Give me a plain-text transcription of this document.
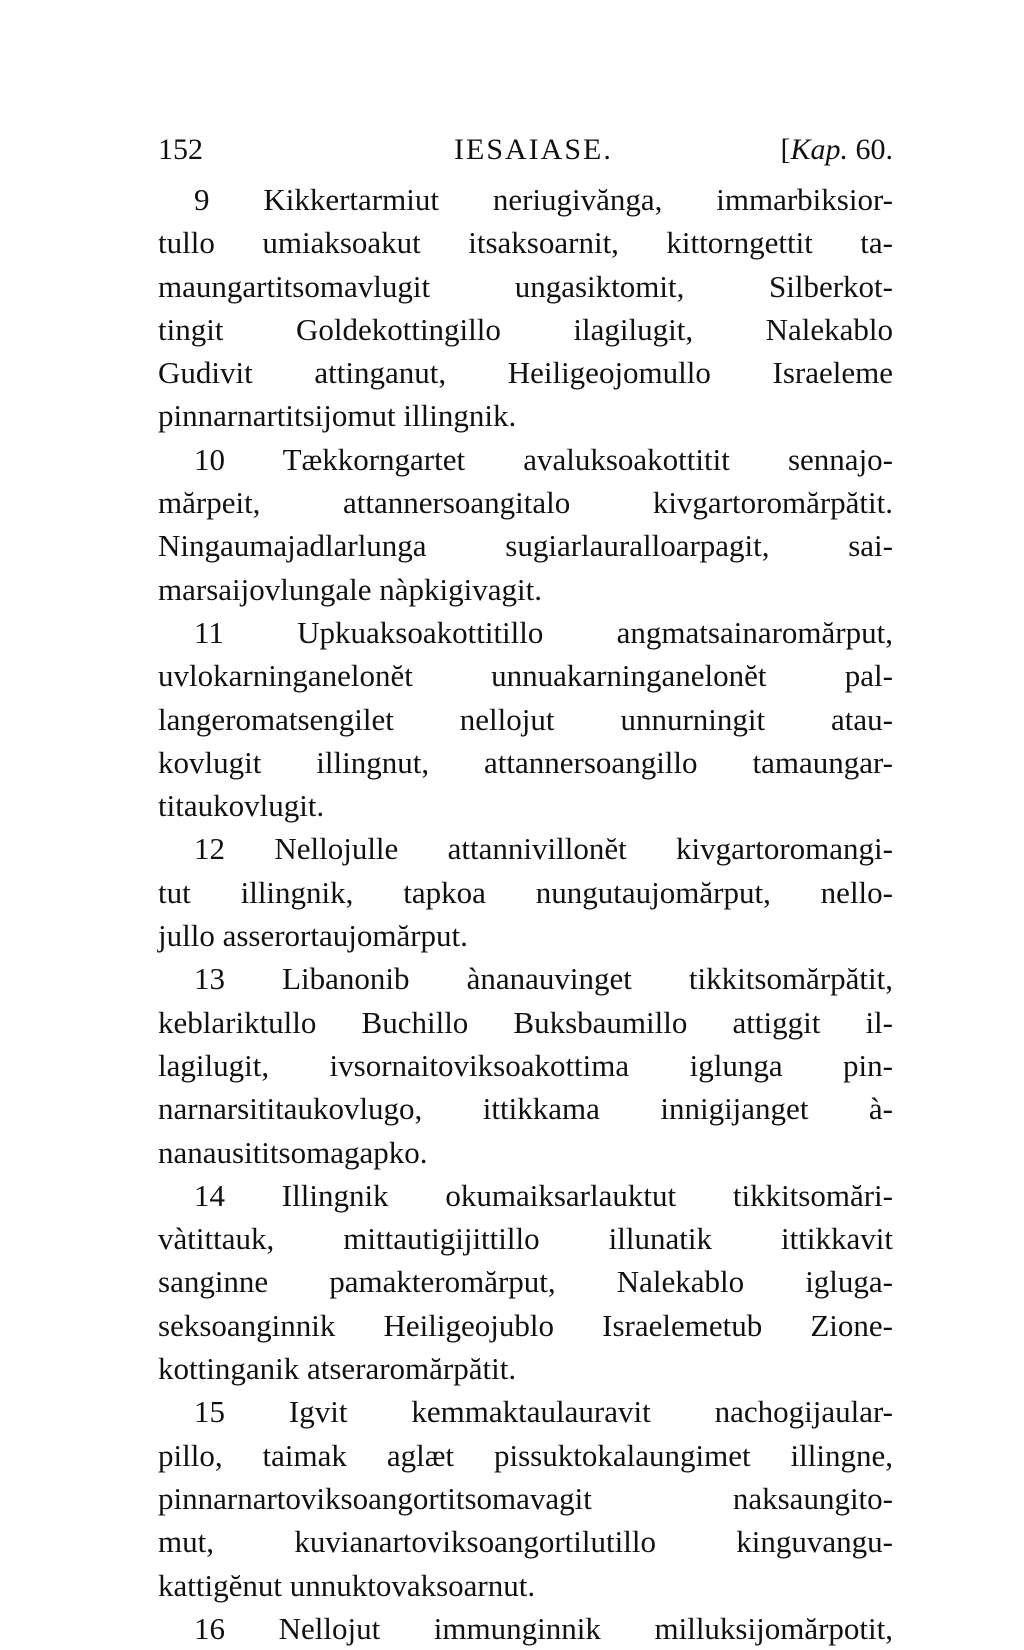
152	IESAIASE.	[Kap. 60.
9 Kikkertarmiut neriugivănga, immarbiksior-
tullo umiaksoakut itsaksoarnit, kittorngettit ta-
maungartitsomavlugit ungasiktomit, Silberkot-
tingit Goldekottingillo ilagilugit, Nalekablo
Gudivit attinganut, Heiligeojomullo Israeleme
pinnarnartitsijomut illingnik.
10 Tækkorngartet avaluksoakottitit sennajo-
mărpeit, attannersoangitalo kivgartoromărpătit.
Ningaumajadlarlunga sugiarlauralloarpagit, sai-
marsaijovlungale nàpkigivagit.
11 Upkuaksoakottitillo angmatsainaromărput,
uvlokarninganelonĕt unnuakarninganelonĕt pal-
langeromatsengilet nellojut unnurningit atau-
kovlugit illingnut, attannersoangillo tamaungar-
titaukovlugit.
12 Nellojulle attannivillonĕt kivgartoromangi-
tut illingnik, tapkoa nungutaujomărput, nello-
jullo asserortaujomărput.
13 Libanonib ànanauvinget tikkitsomărpătit,
keblariktullo Buchillo Buksbaumillo attiggit il-
lagilugit, ivsornaitoviksoakottima iglunga pin-
narnarsititaukovlugo, ittikkama innigijanget à-
nanausititsomagapko.
14 Illingnik okumaiksarlauktut tikkitsomări-
vàtittauk, mittautigijittillo illunatik ittikkavit
sanginne pamakteromărput, Nalekablo igluga-
seksoanginnik Heiligeojublo Israelemetub Zione-
kottinganik atseraromărpătit.
15 Igvit kemmaktaulauravit nachogijaular-
pillo, taimak aglæt pissuktokalaungimet illingne,
pinnarnartoviksoangortitsomavagit naksaungito-
mut, kuvianartoviksoangortilutillo kinguvangu-
kattigĕnut unnuktovaksoarnut.
16 Nellojut immunginnik milluksijomărpotit,
